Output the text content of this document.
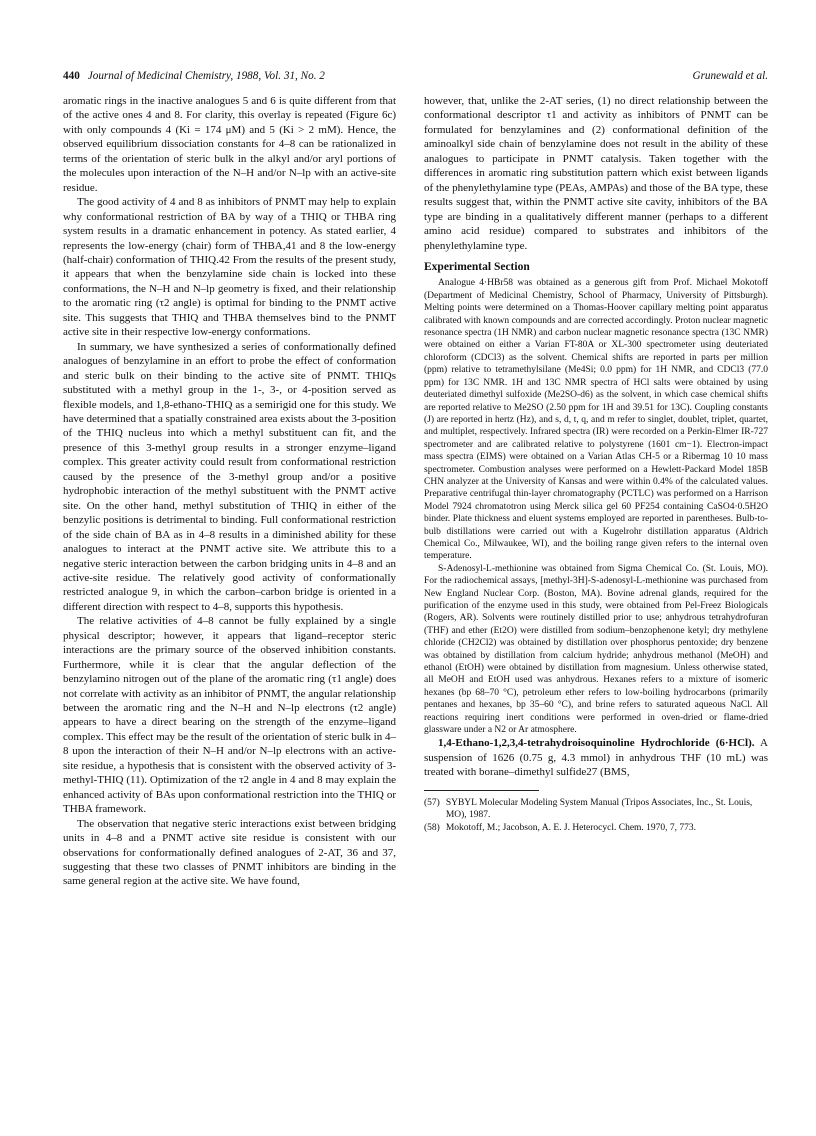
440 Journal of Medicinal Chemistry, 1988, Vol. 31, No. 2	Grunewald et al.

aromatic rings in the inactive analogues 5 and 6 is quite different from that of the active ones 4 and 8. For clarity, this overlay is repeated (Figure 6c) with only compounds 4 (Ki = 174 μM) and 5 (Ki > 2 mM). Hence, the observed equilibrium dissociation constants for 4–8 can be rationalized in terms of the orientation of steric bulk in the alkyl and/or aryl portions of the molecules upon interaction of the N–H and/or N–lp with an active-site residue.

The good activity of 4 and 8 as inhibitors of PNMT may help to explain why conformational restriction of BA by way of a THIQ or THBA ring system results in a dramatic enhancement in potency. As stated earlier, 4 represents the low-energy (chair) form of THBA,41 and 8 the low-energy (half-chair) conformation of THIQ.42 From the results of the present study, it appears that when the benzylamine side chain is locked into these conformations, the N–H and N–lp geometry is fixed, and their relationship to the aromatic ring (τ2 angle) is optimal for binding to the PNMT active site. This suggests that THIQ and THBA themselves bind to the PNMT active site in their respective low-energy conformations.

In summary, we have synthesized a series of conformationally defined analogues of benzylamine in an effort to probe the effect of conformation and steric bulk on their binding to the active site of PNMT. THIQs substituted with a methyl group in the 1-, 3-, or 4-position served as flexible models, and 1,8-ethano-THIQ as a semirigid one for this study. We have determined that a spatially constrained area exists about the 3-position of the THIQ nucleus into which a methyl substituent can fit, and the presence of this 3-methyl group results in a stronger enzyme–ligand complex. This greater activity could result from conformational restriction caused by the presence of the 3-methyl group and/or a positive hydrophobic interaction of the methyl substituent with the PNMT active site. On the other hand, methyl substitution of THIQ in either of the benzylic positions is detrimental to binding. Full conformational restriction of the side chain of BA as in 4–8 results in a diminished ability for these analogues to interact at the PNMT active site. We attribute this to a negative steric interaction between the carbon bridging units in 4–8 and an active-site residue. The relatively good activity of conformationally restricted analogue 9, in which the carbon–carbon bridge is oriented in a different direction with respect to 4–8, supports this hypothesis.

The relative activities of 4–8 cannot be fully explained by a single physical descriptor; however, it appears that ligand–receptor steric interactions are the primary source of the observed inhibition constants. Furthermore, while it is clear that the angular deflection of the benzylamino nitrogen out of the plane of the aromatic ring (τ1 angle) does not correlate with activity as an inhibitor of PNMT, the angular relationship between the aromatic ring and the N–H and N–lp electrons (τ2 angle) appears to have a direct bearing on the strength of the enzyme–ligand complex. This effect may be the result of the orientation of steric bulk in 4–8 upon the interaction of their N–H and/or N–lp electrons with an active-site residue, a hypothesis that is consistent with the observed activity of 3-methyl-THIQ (11). Optimization of the τ2 angle in 4 and 8 may explain the enhanced activity of BAs upon conformational restriction into the THIQ or THBA framework.

The observation that negative steric interactions exist between bridging units in 4–8 and a PNMT active site residue is consistent with our observations for conformationally defined analogues of 2-AT, 36 and 37, suggesting that these two classes of PNMT inhibitors are binding in the same general region at the active site. We have found,

however, that, unlike the 2-AT series, (1) no direct relationship between the conformational descriptor τ1 and activity as inhibitors of PNMT can be formulated for benzylamines and (2) conformational definition of the aminoalkyl side chain of benzylamine does not result in the ability of these analogues to participate in PNMT catalysis. Taken together with the differences in aromatic ring substitution pattern which exist between ligands of the phenylethylamine type (PEAs, AMPAs) and those of the BA type, these results suggest that, within the PNMT active site cavity, inhibitors of the BA type are binding in a qualitatively different manner (perhaps to a different amino acid residue) compared to substrates and inhibitors of the phenylethylamine type.

Experimental Section

Analogue 4·HBr58 was obtained as a generous gift from Prof. Michael Mokotoff (Department of Medicinal Chemistry, School of Pharmacy, University of Pittsburgh). Melting points were determined on a Thomas-Hoover capillary melting point apparatus calibrated with known compounds and are corrected accordingly. Proton nuclear magnetic resonance spectra (1H NMR) and carbon nuclear magnetic resonance spectra (13C NMR) were obtained on either a Varian FT-80A or XL-300 spectrometer using deuteriated chloroform (CDCl3) as the solvent. Chemical shifts are reported in parts per million (ppm) relative to tetramethylsilane (Me4Si; 0.0 ppm) for 1H NMR, and CDCl3 (77.0 ppm) for 13C NMR. 1H and 13C NMR spectra of HCl salts were obtained by using deuteriated dimethyl sulfoxide (Me2SO-d6) as the solvent, in which case chemical shifts are reported relative to Me2SO (2.50 ppm for 1H and 39.51 for 13C). Coupling constants (J) are reported in hertz (Hz), and s, d, t, q, and m refer to singlet, doublet, triplet, quartet, and multiplet, respectively. Infrared spectra (IR) were recorded on a Perkin-Elmer IR-727 spectrometer and are calibrated relative to polystyrene (1601 cm−1). Electron-impact mass spectra (EIMS) were obtained on a Varian Atlas CH-5 or a Ribermag 10 10 mass spectrometer. Combustion analyses were performed on a Hewlett-Packard Model 185B CHN analyzer at the University of Kansas and were within 0.4% of the calculated values. Preparative centrifugal thin-layer chromatography (PCTLC) was performed on a Harrison Model 7924 chromatotron using Merck silica gel 60 PF254 containing CaSO4·0.5H2O binder. Plate thickness and eluent systems employed are reported in parentheses. Bulb-to-bulb distillations were carried out with a Kugelrohr distillation apparatus (Aldrich Chemical Co., Milwaukee, WI), and the boiling range given refers to the internal oven temperature.

S-Adenosyl-L-methionine was obtained from Sigma Chemical Co. (St. Louis, MO). For the radiochemical assays, [methyl-3H]-S-adenosyl-L-methionine was purchased from New England Nuclear Corp. (Boston, MA). Bovine adrenal glands, required for the purification of the enzyme used in this study, were obtained from Pel-Freez Biologicals (Rogers, AR). Solvents were routinely distilled prior to use; anhydrous tetrahydrofuran (THF) and ether (Et2O) were distilled from sodium–benzophenone ketyl; dry methylene chloride (CH2Cl2) was obtained by distillation over phosphorus pentoxide; dry benzene was obtained by distillation from calcium hydride; anhydrous methanol (MeOH) and ethanol (EtOH) were obtained by distillation from magnesium. Unless otherwise stated, all MeOH and EtOH used was anhydrous. Hexanes refers to a mixture of isomeric hexanes (bp 68–70 °C), petroleum ether refers to low-boiling hydrocarbons (primarily pentanes and hexanes, bp 35–60 °C), and brine refers to saturated aqueous NaCl. All reactions requiring inert conditions were performed in oven-dried or flame-dried glassware under a N2 or Ar atmosphere.

1,4-Ethano-1,2,3,4-tetrahydroisoquinoline Hydrochloride (6·HCl). A suspension of 1626 (0.75 g, 4.3 mmol) in anhydrous THF (10 mL) was treated with borane–dimethyl sulfide27 (BMS,

(57) SYBYL Molecular Modeling System Manual (Tripos Associates, Inc., St. Louis, MO), 1987.
(58) Mokotoff, M.; Jacobson, A. E. J. Heterocycl. Chem. 1970, 7, 773.
